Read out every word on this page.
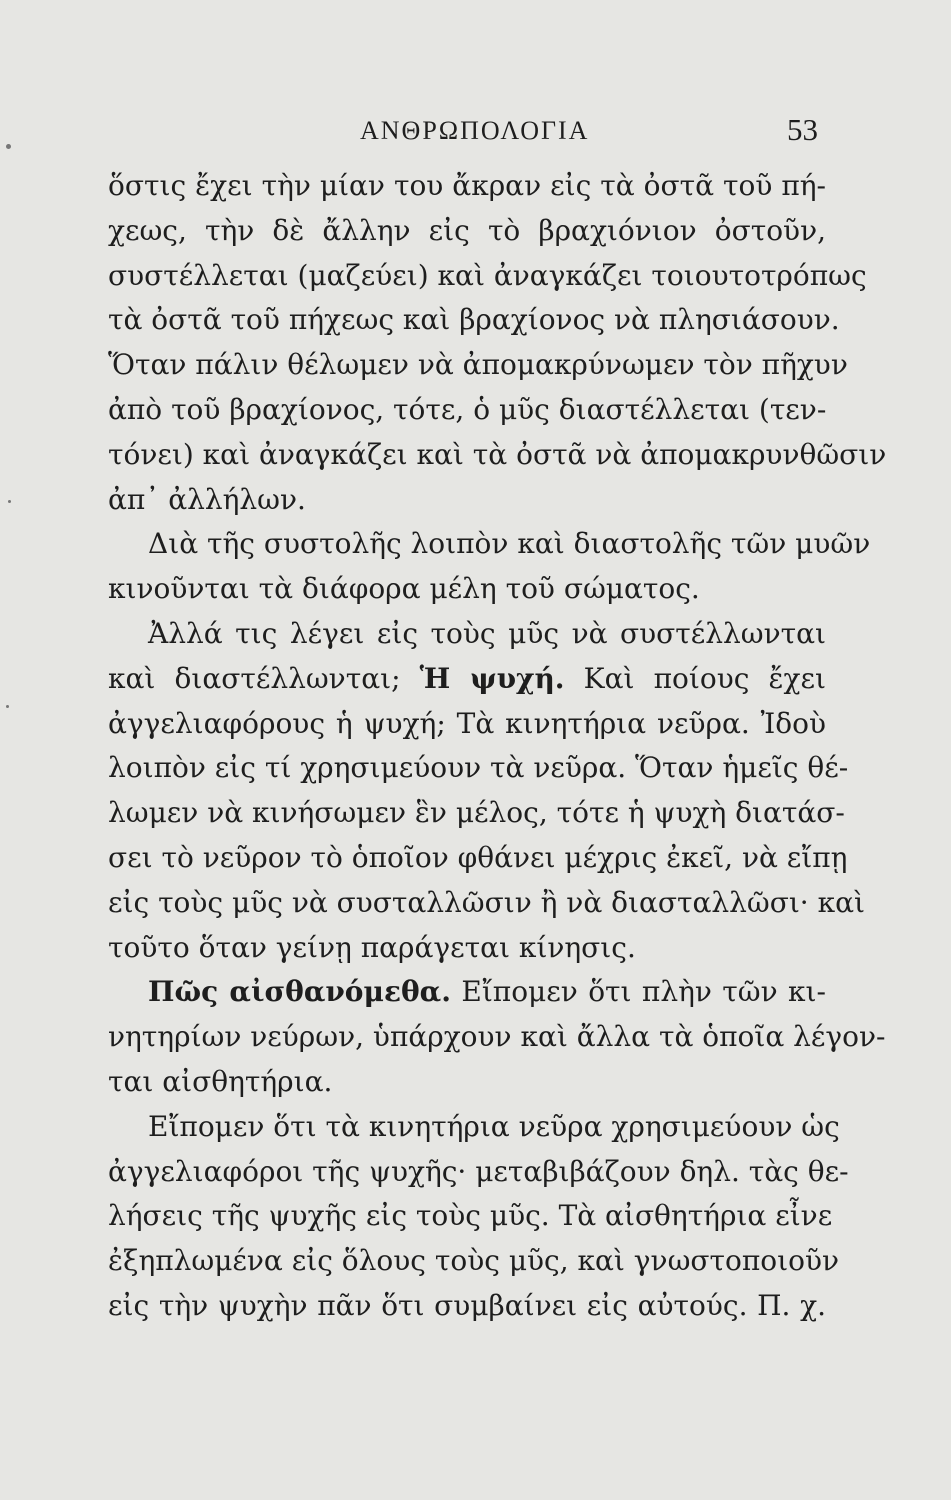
ΑΝΘΡΩΠΟΛΟΓΙΑ	53
ὅστις ἔχει τὴν μίαν του ἄκραν εἰς τὰ ὀστᾶ τοῦ πή-
χεως, τὴν δὲ ἄλλην εἰς τὸ βραχιόνιον ὀστοῦν,
συστέλλεται (μαζεύει) καὶ ἀναγκάζει τοιουτοτρόπως
τὰ ὀστᾶ τοῦ πήχεως καὶ βραχίονος νὰ πλησιάσουν.
Ὅταν πάλιν θέλωμεν νὰ ἀπομακρύνωμεν τὸν πῆχυν
ἀπὸ τοῦ βραχίονος, τότε, ὁ μῦς διαστέλλεται (τεν-
τόνει) καὶ ἀναγκάζει καὶ τὰ ὀστᾶ νὰ ἀπομακρυνθῶσιν
ἀπ᾽ ἀλλήλων.
Διὰ τῆς συστολῆς λοιπὸν καὶ διαστολῆς τῶν μυῶν
κινοῦνται τὰ διάφορα μέλη τοῦ σώματος.
Ἀλλά τις λέγει εἰς τοὺς μῦς νὰ συστέλλωνται
καὶ διαστέλλωνται; Ἡ ψυχή. Καὶ ποίους ἔχει
ἀγγελιαφόρους ἡ ψυχή; Τὰ κινητήρια νεῦρα. Ἰδοὺ
λοιπὸν εἰς τί χρησιμεύουν τὰ νεῦρα. Ὅταν ἡμεῖς θέ-
λωμεν νὰ κινήσωμεν ἓν μέλος, τότε ἡ ψυχὴ διατάσ-
σει τὸ νεῦρον τὸ ὁποῖον φθάνει μέχρις ἐκεῖ, νὰ εἴπῃ
εἰς τοὺς μῦς νὰ συσταλλῶσιν ἢ νὰ διασταλλῶσι· καὶ
τοῦτο ὅταν γείνῃ παράγεται κίνησις.
Πῶς αἰσθανόμεθα. Εἴπομεν ὅτι πλὴν τῶν κι-
νητηρίων νεύρων, ὑπάρχουν καὶ ἄλλα τὰ ὁποῖα λέγον-
ται αἰσθητήρια.
Εἴπομεν ὅτι τὰ κινητήρια νεῦρα χρησιμεύουν ὡς
ἀγγελιαφόροι τῆς ψυχῆς· μεταβιβάζουν δηλ. τὰς θε-
λήσεις τῆς ψυχῆς εἰς τοὺς μῦς. Τὰ αἰσθητήρια εἶνε
ἐξηπλωμένα εἰς ὅλους τοὺς μῦς, καὶ γνωστοποιοῦν
εἰς τὴν ψυχὴν πᾶν ὅτι συμβαίνει εἰς αὐτούς. Π. χ.
